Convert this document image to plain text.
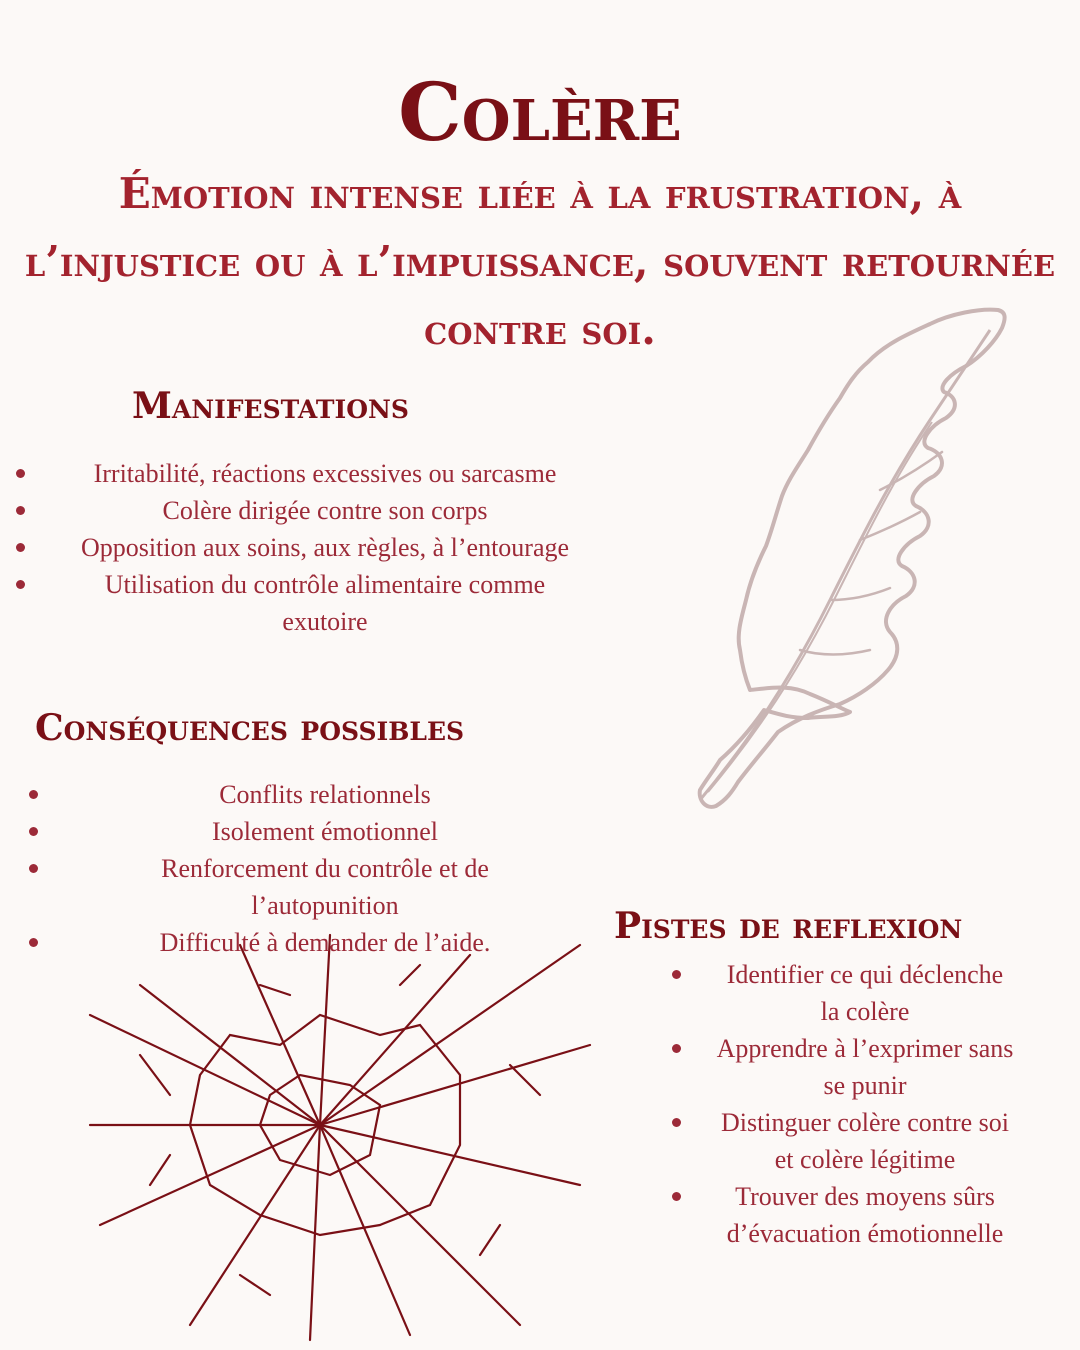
Colère

Émotion intense liée à la frustration, à l’injustice ou à l’impuissance, souvent retournée contre soi.

Manifestations
Irritabilité, réactions excessives ou sarcasme
Colère dirigée contre son corps
Opposition aux soins, aux règles, à l’entourage
Utilisation du contrôle alimentaire comme exutoire
Conséquences possibles
Conflits relationnels
Isolement émotionnel
Renforcement du contrôle et de l’autopunition
Difficulté à demander de l’aide.	Pistes de reflexion
Identifier ce qui déclenche la colère
Apprendre à l’exprimer sans se punir
Distinguer colère contre soi et colère légitime
Trouver des moyens sûrs d’évacuation émotionnelle
